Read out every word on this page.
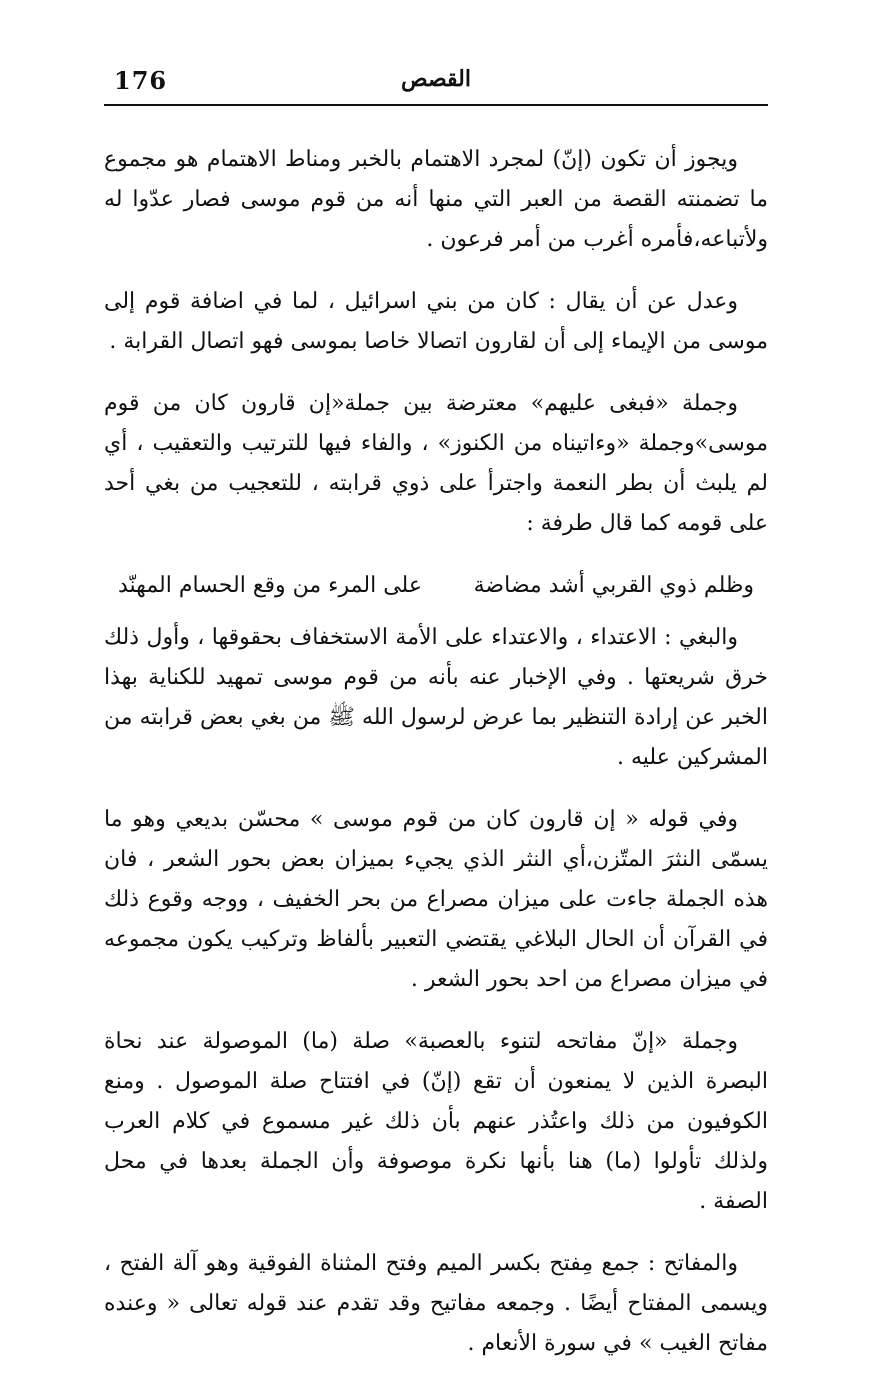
176	القصص

ويجوز أن تكون (إنّ) لمجرد الاهتمام بالخبر ومناط الاهتمام هو مجموع ما تضمنته القصة من العبر التي منها أنه من قوم موسى فصار عدّوا له ولأتباعه،فأمره أغرب من أمر فرعون .

وعدل عن أن يقال : كان من بني اسرائيل ، لما في اضافة قوم إلى موسى من الإيماء إلى أن لقارون اتصالا خاصا بموسى فهو اتصال القرابة .

وجملة «فبغى عليهم» معترضة بين جملة«إن قارون كان من قوم موسى»وجملة «وءاتيناه من الكنوز» ، والفاء فيها للترتيب والتعقيب ، أي لم يلبث أن بطر النعمة واجترأ على ذوي قرابته ، للتعجيب من بغي أحد على قومه كما قال طرفة :

وظلم ذوي القربي أشد مضاضة
على المرء من وقع الحسام المهنّد

والبغي : الاعتداء ، والاعتداء على الأمة الاستخفاف بحقوقها ، وأول ذلك خرق شريعتها . وفي الإخبار عنه بأنه من قوم موسى تمهيد للكناية بهذا الخبر عن إرادة التنظير بما عرض لرسول الله ﷺ من بغي بعض قرابته من المشركين عليه .

وفي قوله « إن قارون كان من قوم موسى » محسّن بديعي وهو ما يسمّى النثرَ المتّزن،أي النثر الذي يجيء بميزان بعض بحور الشعر ، فان هذه الجملة جاءت على ميزان مصراع من بحر الخفيف ، ووجه وقوع ذلك في القرآن أن الحال البلاغي يقتضي التعبير بألفاظ وتركيب يكون مجموعه في ميزان مصراع من احد بحور الشعر .

وجملة «إنّ مفاتحه لتنوء بالعصبة» صلة (ما) الموصولة عند نحاة البصرة الذين لا يمنعون أن تقع (إنّ) في افتتاح صلة الموصول . ومنع الكوفيون من ذلك واعتُذر عنهم بأن ذلك غير مسموع في كلام العرب ولذلك تأولوا (ما) هنا بأنها نكرة موصوفة وأن الجملة بعدها في محل الصفة .

والمفاتح : جمع مِفتح بكسر الميم وفتح المثناة الفوقية وهو آلة الفتح ، ويسمى المفتاح أيضًا . وجمعه مفاتيح وقد تقدم عند قوله تعالى « وعنده مفاتح الغيب » في سورة الأنعام .
